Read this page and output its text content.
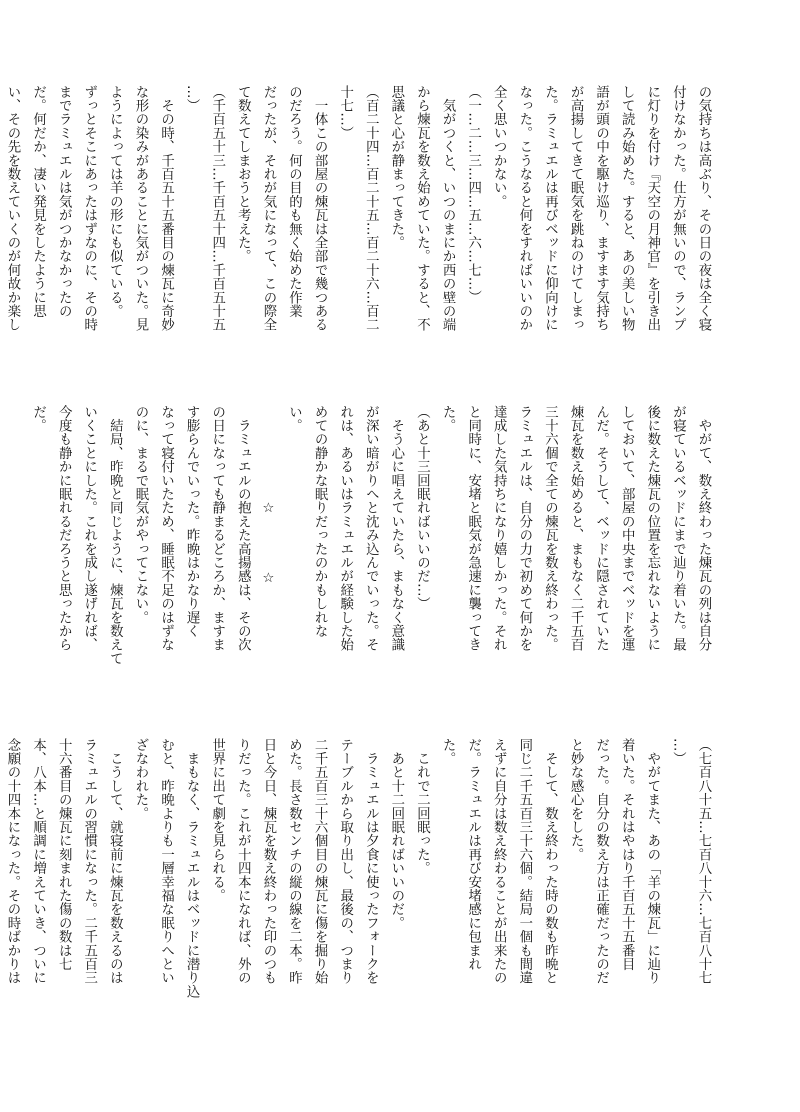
の気持ちは高ぶり、その日の夜は全く寝

付けなかった。仕方が無いので、ランプ

に灯りを付け『天空の月神官』を引き出

して読み始めた。すると、あの美しい物

語が頭の中を駆け巡り、ますます気持ち

が高揚してきて眠気を跳ねのけてしまっ

た。ラミュエルは再びベッドに仰向けに

なった。こうなると何をすればいいのか

全く思いつかない。

（一…二…三…四…五…六…七…）

　気がつくと、いつのまにか西の壁の端

から煉瓦を数え始めていた。すると、不

思議と心が静まってきた。

（百二十四…百二十五…百二十六…百二

十七…）

　一体この部屋の煉瓦は全部で幾つある

のだろう。何の目的も無く始めた作業

だったが、それが気になって、この際全

て数えてしまおうと考えた。

（千百五十三…千百五十四…千百五十五

…）

　その時、千百五十五番目の煉瓦に奇妙

な形の染みがあることに気がついた。見

ようによっては羊の形にも似ている。

ずっとそこにあったはずなのに、その時

までラミュエルは気がつかなかったの

だ。何だか、凄い発見をしたように思

い、その先を数えていくのが何故か楽し

　やがて、数え終わった煉瓦の列は自分

が寝ているベッドにまで辿り着いた。最

後に数えた煉瓦の位置を忘れないように

しておいて、部屋の中央までベッドを運

んだ。そうして、ベッドに隠されていた

煉瓦を数え始めると、まもなく二千五百

三十六個で全ての煉瓦を数え終わった。

ラミュエルは、自分の力で初めて何かを

達成した気持ちになり嬉しかった。それ

と同時に、安堵と眠気が急速に襲ってき

た。

（あと十三回眠ればいいのだ…）

　そう心に唱えていたら、まもなく意識

が深い暗がりへと沈み込んでいった。そ

れは、あるいはラミュエルが経験した始

めての静かな眠りだったのかもしれな

い。

　　　　　　　☆　　　　☆

　ラミュエルの抱えた高揚感は、その次

の日になっても静まるどころか、ますま

す膨らんでいった。昨晩はかなり遅く

なって寝付いたため、睡眠不足のはずな

のに、まるで眠気がやってこない。

　結局、昨晩と同じように、煉瓦を数えて

いくことにした。これを成し遂げれば、

今度も静かに眠れるだろうと思ったから

だ。

（七百八十五…七百八十六…七百八十七

…）

　やがてまた、あの「羊の煉瓦」に辿り

着いた。それはやはり千百五十五番目

だった。自分の数え方は正確だったのだ

と妙な感心をした。

　そして、数え終わった時の数も昨晩と

同じ二千五百三十六個。結局一個も間違

えずに自分は数え終わることが出来たの

だ。ラミュエルは再び安堵感に包まれ

た。

　これで二回眠った。

　あと十二回眠ればいいのだ。

　ラミュエルは夕食に使ったフォークを

テーブルから取り出し、最後の、つまり

二千五百三十六個目の煉瓦に傷を掘り始

めた。長さ数センチの縦の線を二本。昨

日と今日、煉瓦を数え終わった印のつも

りだった。これが十四本になれば、外の

世界に出て劇を見られる。

　まもなく、ラミュエルはベッドに潜り込

むと、昨晩よりも一層幸福な眠りへとい

ざなわれた。

　こうして、就寝前に煉瓦を数えるのは

ラミュエルの習慣になった。二千五百三

十六番目の煉瓦に刻まれた傷の数は七

本、八本…と順調に増えていき、ついに

念願の十四本になった。その時ばかりは
